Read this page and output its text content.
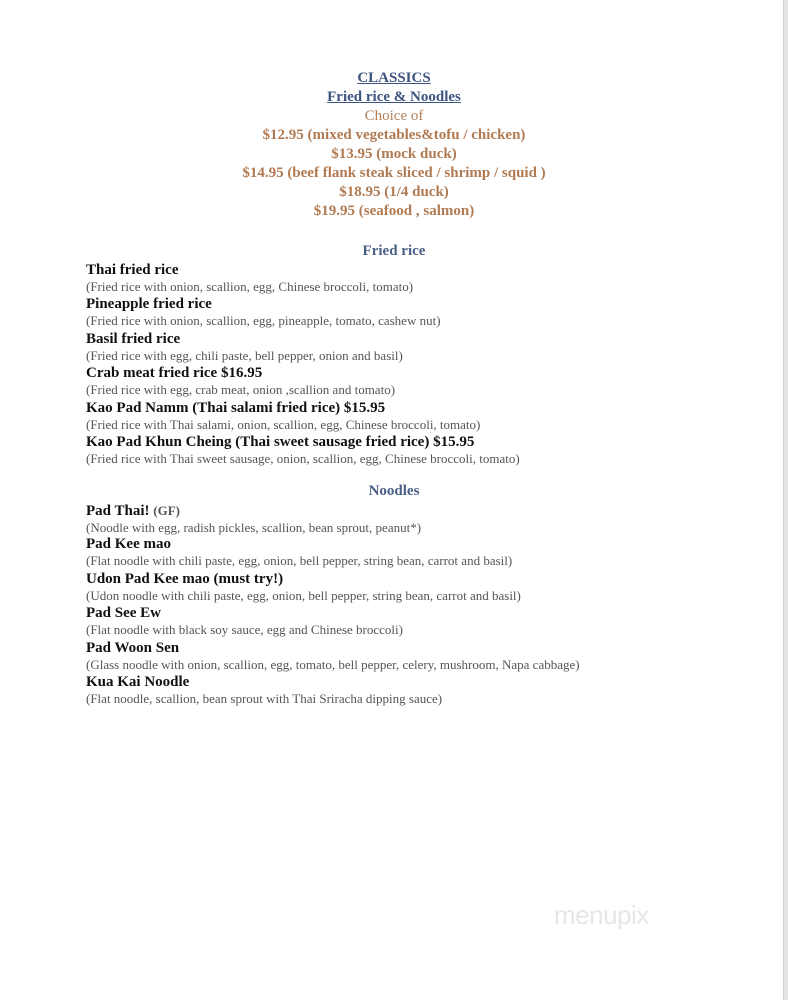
CLASSICS
Fried rice & Noodles
Choice of
$12.95 (mixed vegetables&tofu / chicken)
$13.95 (mock duck)
$14.95 (beef flank steak sliced / shrimp / squid )
$18.95 (1/4 duck)
$19.95 (seafood , salmon)
Fried rice
Thai fried rice
(Fried rice with onion, scallion, egg, Chinese broccoli, tomato)
Pineapple fried rice
(Fried rice with onion, scallion, egg, pineapple, tomato, cashew nut)
Basil fried rice
(Fried rice with egg, chili paste, bell pepper, onion and basil)
Crab meat fried rice $16.95
(Fried rice with egg, crab meat, onion ,scallion and tomato)
Kao Pad Namm (Thai salami fried rice) $15.95
(Fried rice with Thai salami, onion, scallion, egg, Chinese broccoli, tomato)
Kao Pad Khun Cheing (Thai sweet sausage fried rice) $15.95
(Fried rice with Thai sweet sausage, onion, scallion, egg, Chinese broccoli, tomato)
Noodles
Pad Thai! (GF)
(Noodle with egg, radish pickles, scallion, bean sprout, peanut*)
Pad Kee mao
(Flat noodle with chili paste, egg, onion, bell pepper, string bean, carrot and basil)
Udon Pad Kee mao (must try!)
(Udon noodle with chili paste, egg, onion, bell pepper, string bean, carrot and basil)
Pad See Ew
(Flat noodle with black soy sauce, egg and Chinese broccoli)
Pad Woon Sen
(Glass noodle with onion, scallion, egg, tomato, bell pepper, celery, mushroom, Napa cabbage)
Kua Kai Noodle
(Flat noodle, scallion, bean sprout with Thai Sriracha dipping sauce)
menupix
